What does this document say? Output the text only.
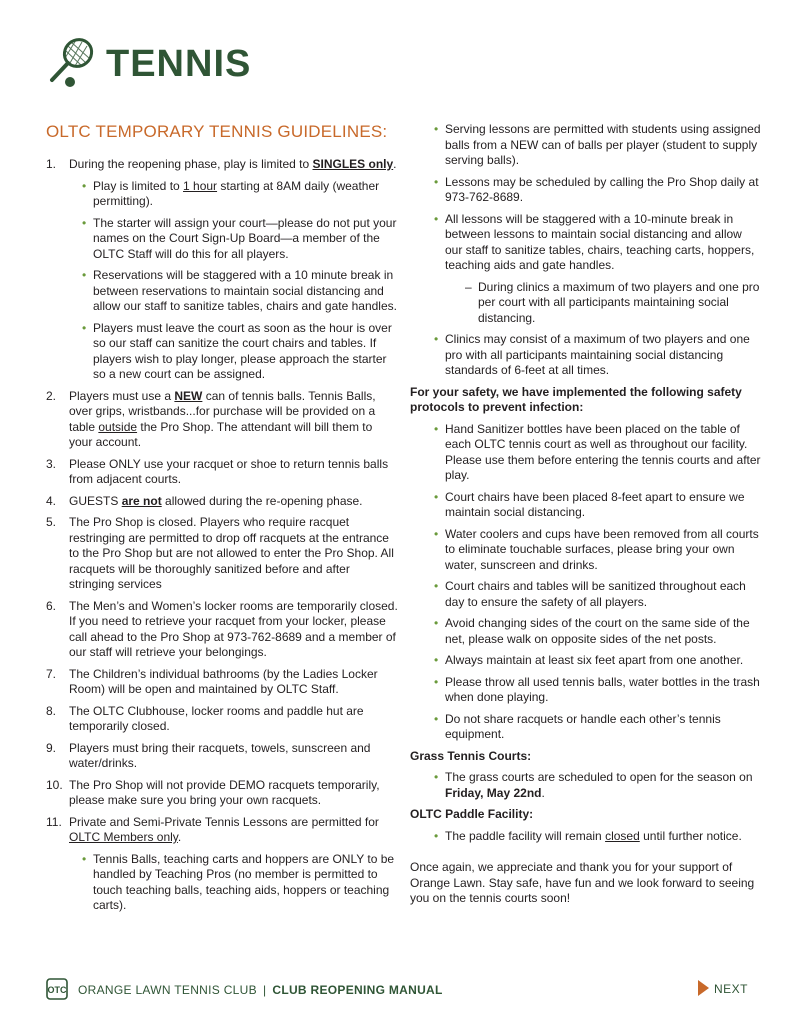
TENNIS
OLTC TEMPORARY TENNIS GUIDELINES:
1.	During the reopening phase, play is limited to SINGLES only.
• Play is limited to 1 hour starting at 8AM daily (weather permitting).
• The starter will assign your court—please do not put your names on the Court Sign-Up Board—a member of the OLTC Staff will do this for all players.
• Reservations will be staggered with a 10 minute break in between reservations to maintain social distancing and allow our staff to sanitize tables, chairs and gate handles.
• Players must leave the court as soon as the hour is over so our staff can sanitize the court chairs and tables. If players wish to play longer, please approach the starter so a new court can be assigned.
2.	Players must use a NEW can of tennis balls. Tennis Balls, over grips, wristbands...for purchase will be provided on a table outside the Pro Shop. The attendant will bill them to your account.
3.	Please ONLY use your racquet or shoe to return tennis balls from adjacent courts.
4.	GUESTS are not allowed during the re-opening phase.
5.	The Pro Shop is closed. Players who require racquet restringing are permitted to drop off racquets at the entrance to the Pro Shop but are not allowed to enter the Pro Shop. All racquets will be thoroughly sanitized before and after stringing services
6.	The Men’s and Women’s locker rooms are temporarily closed. If you need to retrieve your racquet from your locker, please call ahead to the Pro Shop at 973-762-8689 and a member of our staff will retrieve your belongings.
7.	The Children’s individual bathrooms (by the Ladies Locker Room) will be open and maintained by OLTC Staff.
8.	The OLTC Clubhouse, locker rooms and paddle hut are temporarily closed.
9.	Players must bring their racquets, towels, sunscreen and water/drinks.
10. The Pro Shop will not provide DEMO racquets temporarily, please make sure you bring your own racquets.
11. Private and Semi-Private Tennis Lessons are permitted for OLTC Members only.
• Tennis Balls, teaching carts and hoppers are ONLY to be handled by Teaching Pros (no member is permitted to touch teaching balls, teaching aids, hoppers or teaching carts).
• Serving lessons are permitted with students using assigned balls from a NEW can of balls per player (student to supply serving balls).
• Lessons may be scheduled by calling the Pro Shop daily at 973-762-8689.
• All lessons will be staggered with a 10-minute break in between lessons to maintain social distancing and allow our staff to sanitize tables, chairs, teaching carts, hoppers, teaching aids and gate handles.
– During clinics a maximum of two players and one pro per court with all participants maintaining social distancing.
• Clinics may consist of a maximum of two players and one pro with all participants maintaining social distancing standards of 6-feet at all times.
For your safety, we have implemented the following safety protocols to prevent infection:
• Hand Sanitizer bottles have been placed on the table of each OLTC tennis court as well as throughout our facility. Please use them before entering the tennis courts and after play.
• Court chairs have been placed 8-feet apart to ensure we maintain social distancing.
• Water coolers and cups have been removed from all courts to eliminate touchable surfaces, please bring your own water, sunscreen and drinks.
• Court chairs and tables will be sanitized throughout each day to ensure the safety of all players.
• Avoid changing sides of the court on the same side of the net, please walk on opposite sides of the net posts.
• Always maintain at least six feet apart from one another.
• Please throw all used tennis balls, water bottles in the trash when done playing.
• Do not share racquets or handle each other’s tennis equipment.
Grass Tennis Courts:
• The grass courts are scheduled to open for the season on Friday, May 22nd.
OLTC Paddle Facility:
• The paddle facility will remain closed until further notice.
Once again, we appreciate and thank you for your support of Orange Lawn. Stay safe, have fun and we look forward to seeing you on the tennis courts soon!
OTC ORANGE LAWN TENNIS CLUB | CLUB REOPENING MANUAL	NEXT
